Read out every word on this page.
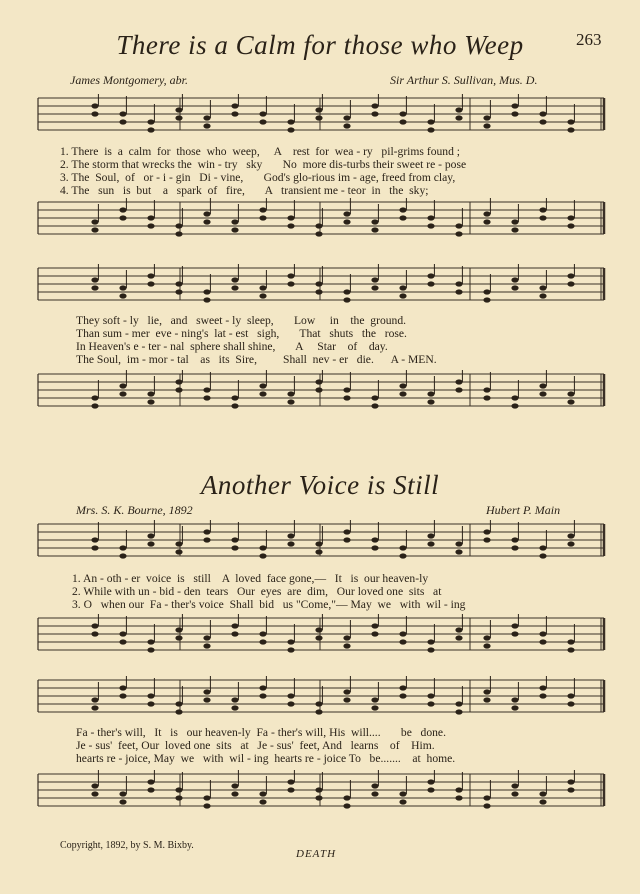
263
There is a Calm for those who Weep
James Montgomery, abr.	Sir Arthur S. Sullivan, Mus. D.
1. There  is  a  calm  for  those  who  weep,     A    rest  for  wea - ry   pil-grims found ;
2. The storm that wrecks the  win - try   sky       No  more dis-turbs their sweet re - pose
3. The  Soul,  of   or - i - gin   Di - vine,       God's glo-rious im - age, freed from clay,
4. The   sun   is  but    a   spark  of   fire,       A   transient me - teor  in   the  sky;
They soft - ly   lie,   and   sweet - ly  sleep,       Low     in    the  ground.
Than sum - mer  eve - ning's  lat - est   sigh,       That   shuts   the   rose.
In Heaven's e - ter - nal  sphere shall shine,       A     Star    of    day.
The Soul,  im - mor - tal    as   its  Sire,         Shall  nev - er   die.      A - MEN.
Another Voice is Still
Mrs. S. K. Bourne, 1892	Hubert P. Main
1. An - oth - er  voice  is   still    A  loved  face gone,—   It   is  our heaven-ly
2. While with un - bid - den  tears   Our  eyes  are  dim,   Our loved one  sits   at
3. O   when our  Fa - ther's voice  Shall  bid   us "Come,"— May  we   with  wil - ing
Fa - ther's will,   It   is   our heaven-ly  Fa - ther's will, His  will....       be   done.
Je - sus'  feet, Our  loved one  sits   at   Je - sus'  feet, And   learns    of    Him.
hearts re - joice, May  we   with  wil - ing  hearts re - joice To   be.......    at  home.
Copyright, 1892, by S. M. Bixby.
DEATH
